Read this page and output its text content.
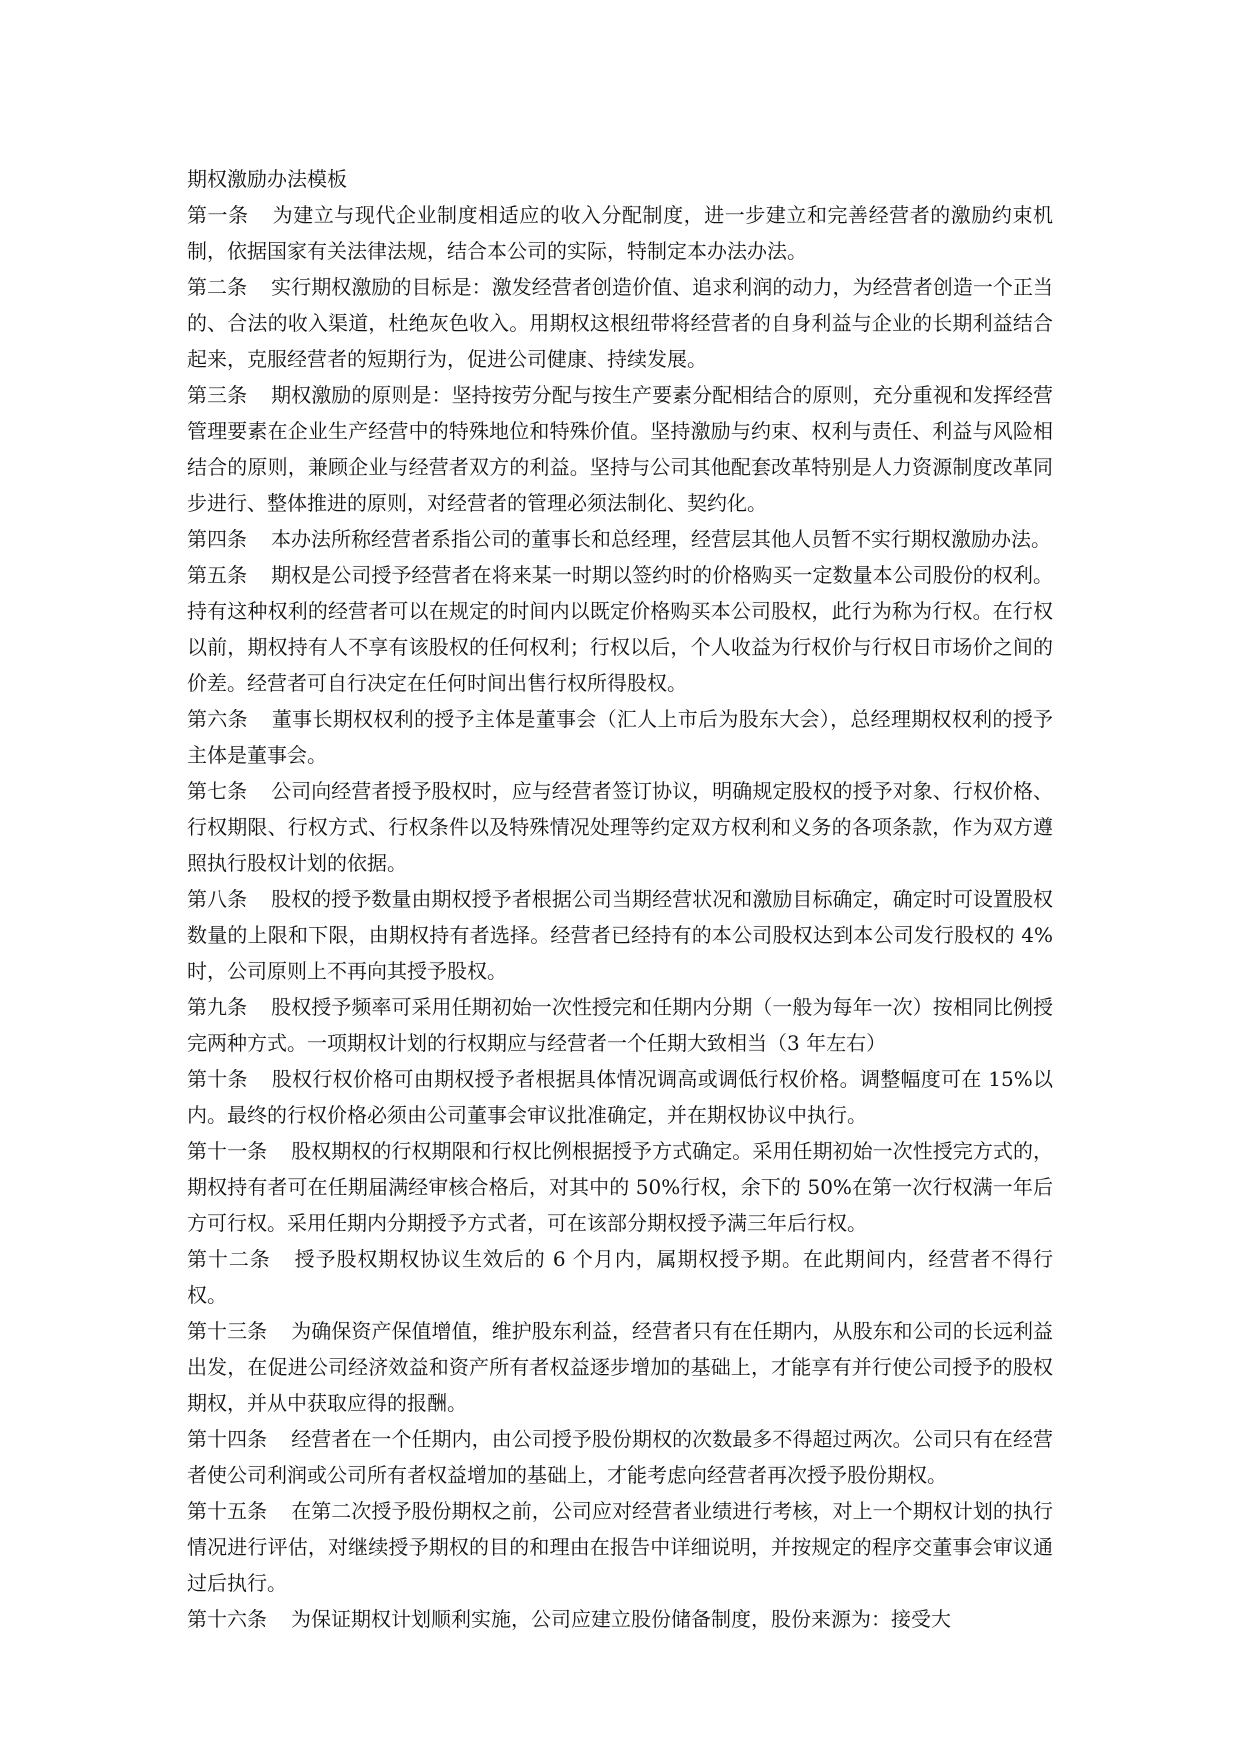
期权激励办法模板

第一条 为建立与现代企业制度相适应的收入分配制度，进一步建立和完善经营者的激励约束机制，依据国家有关法律法规，结合本公司的实际，特制定本办法办法。

第二条 实行期权激励的目标是：激发经营者创造价值、追求利润的动力，为经营者创造一个正当的、合法的收入渠道，杜绝灰色收入。用期权这根纽带将经营者的自身利益与企业的长期利益结合起来，克服经营者的短期行为，促进公司健康、持续发展。

第三条 期权激励的原则是：坚持按劳分配与按生产要素分配相结合的原则，充分重视和发挥经营管理要素在企业生产经营中的特殊地位和特殊价值。坚持激励与约束、权利与责任、利益与风险相结合的原则，兼顾企业与经营者双方的利益。坚持与公司其他配套改革特别是人力资源制度改革同步进行、整体推进的原则，对经营者的管理必须法制化、契约化。

第四条 本办法所称经营者系指公司的董事长和总经理，经营层其他人员暂不实行期权激励办法。

第五条 期权是公司授予经营者在将来某一时期以签约时的价格购买一定数量本公司股份的权利。持有这种权利的经营者可以在规定的时间内以既定价格购买本公司股权，此行为称为行权。在行权以前，期权持有人不享有该股权的任何权利；行权以后，个人收益为行权价与行权日市场价之间的价差。经营者可自行决定在任何时间出售行权所得股权。

第六条 董事长期权权利的授予主体是董事会（汇人上市后为股东大会），总经理期权权利的授予主体是董事会。

第七条 公司向经营者授予股权时，应与经营者签订协议，明确规定股权的授予对象、行权价格、行权期限、行权方式、行权条件以及特殊情况处理等约定双方权利和义务的各项条款，作为双方遵照执行股权计划的依据。

第八条 股权的授予数量由期权授予者根据公司当期经营状况和激励目标确定，确定时可设置股权数量的上限和下限，由期权持有者选择。经营者已经持有的本公司股权达到本公司发行股权的 4%时，公司原则上不再向其授予股权。

第九条 股权授予频率可采用任期初始一次性授完和任期内分期（一般为每年一次）按相同比例授完两种方式。一项期权计划的行权期应与经营者一个任期大致相当（3 年左右）

第十条 股权行权价格可由期权授予者根据具体情况调高或调低行权价格。调整幅度可在 15%以内。最终的行权价格必须由公司董事会审议批准确定，并在期权协议中执行。

第十一条 股权期权的行权期限和行权比例根据授予方式确定。采用任期初始一次性授完方式的，期权持有者可在任期届满经审核合格后，对其中的 50%行权，余下的 50%在第一次行权满一年后方可行权。采用任期内分期授予方式者，可在该部分期权授予满三年后行权。

第十二条 授予股权期权协议生效后的 6 个月内，属期权授予期。在此期间内，经营者不得行权。

第十三条 为确保资产保值增值，维护股东利益，经营者只有在任期内，从股东和公司的长远利益出发，在促进公司经济效益和资产所有者权益逐步增加的基础上，才能享有并行使公司授予的股权期权，并从中获取应得的报酬。

第十四条 经营者在一个任期内，由公司授予股份期权的次数最多不得超过两次。公司只有在经营者使公司利润或公司所有者权益增加的基础上，才能考虑向经营者再次授予股份期权。

第十五条 在第二次授予股份期权之前，公司应对经营者业绩进行考核，对上一个期权计划的执行情况进行评估，对继续授予期权的目的和理由在报告中详细说明，并按规定的程序交董事会审议通过后执行。

第十六条 为保证期权计划顺利实施，公司应建立股份储备制度，股份来源为：接受大
